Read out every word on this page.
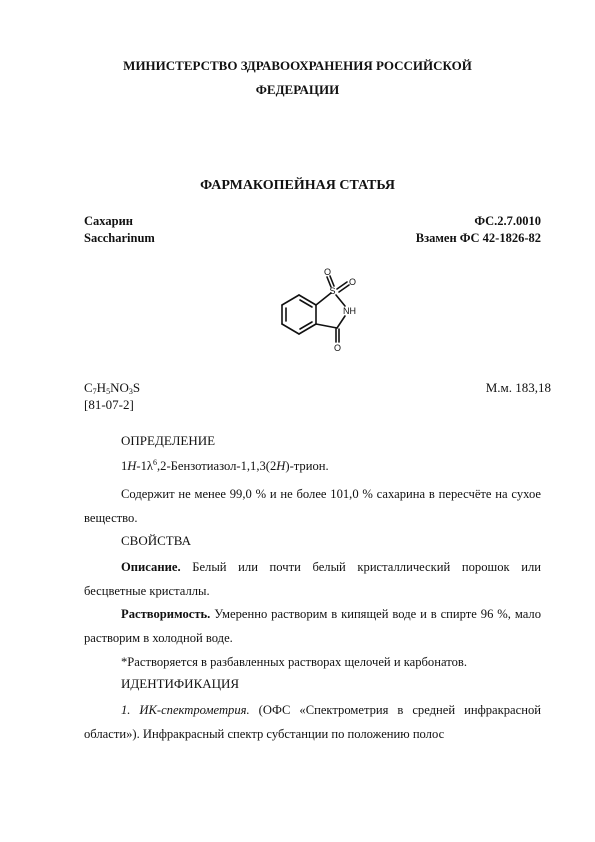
МИНИСТЕРСТВО ЗДРАВООХРАНЕНИЯ РОССИЙСКОЙ
ФЕДЕРАЦИИ
ФАРМАКОПЕЙНАЯ СТАТЬЯ
Сахарин
Saccharinum
ФС.2.7.0010
Взамен ФС 42-1826-82
S
O
O
NH
O
$C_7H_5NO_3S$	М.м. 183,18
[81-07-2]
ОПРЕДЕЛЕНИЕ
$1H-1\lambda^6,2-Бензотиазол-1,1,3(2H)$-трион.
Содержит не менее 99,0 % и не более 101,0 % сахарина в пересчёте на сухое вещество.
СВОЙСТВА
Описание. Белый или почти белый кристаллический порошок или бесцветные кристаллы.
Растворимость. Умеренно растворим в кипящей воде и в спирте 96 %, мало растворим в холодной воде.
*Растворяется в разбавленных растворах щелочей и карбонатов.
ИДЕНТИФИКАЦИЯ
1. ИК-спектрометрия. (ОФС «Спектрометрия в средней инфракрасной области»). Инфракрасный спектр субстанции по положению полос
